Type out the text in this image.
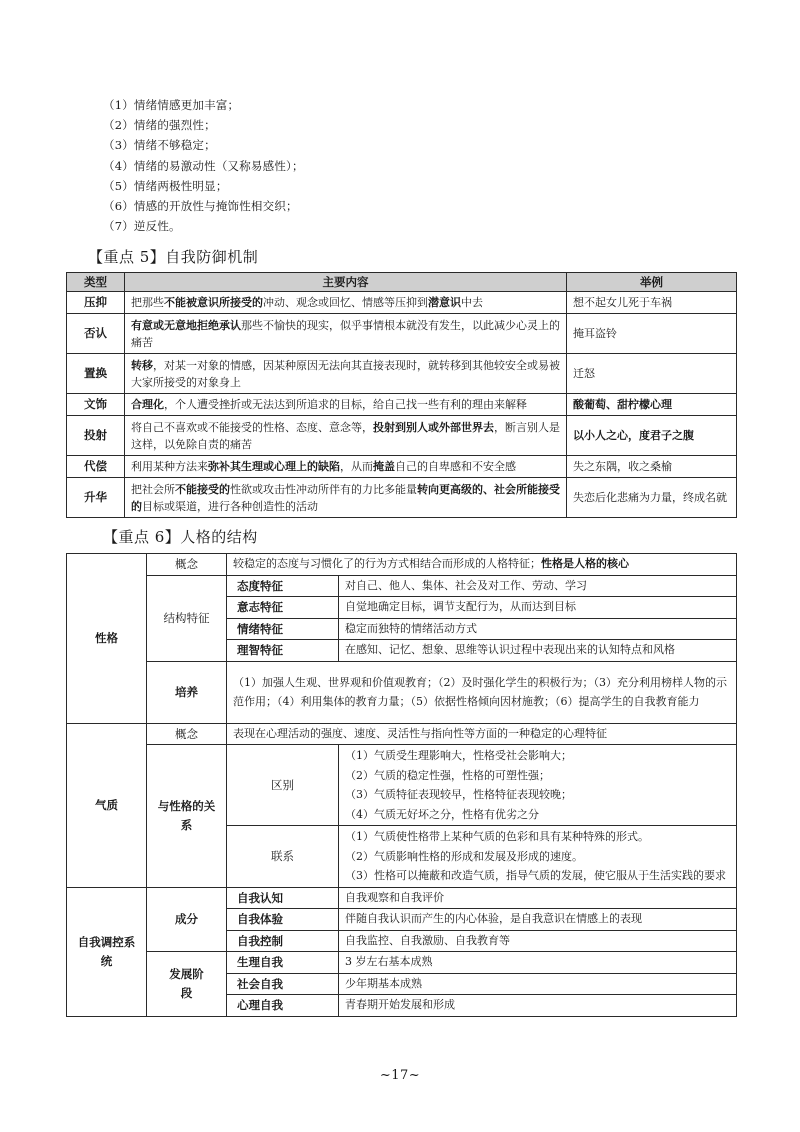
（1）情绪情感更加丰富；
（2）情绪的强烈性；
（3）情绪不够稳定；
（4）情绪的易激动性（又称易感性）；
（5）情绪两极性明显；
（6）情感的开放性与掩饰性相交织；
（7）逆反性。
【重点 5】自我防御机制
类型	主要内容	举例
压抑	把那些不能被意识所接受的冲动、观念或回忆、情感等压抑到潜意识中去	想不起女儿死于车祸
否认	有意或无意地拒绝承认那些不愉快的现实，似乎事情根本就没有发生，以此减少心灵上的痛苦	掩耳盗铃
置换	转移，对某一对象的情感，因某种原因无法向其直接表现时，就转移到其他较安全或易被大家所接受的对象身上	迁怒
文饰	合理化，个人遭受挫折或无法达到所追求的目标，给自己找一些有利的理由来解释	酸葡萄、甜柠檬心理
投射	将自己不喜欢或不能接受的性格、态度、意念等，投射到别人或外部世界去，断言别人是这样，以免除自责的痛苦	以小人之心，度君子之腹
代偿	利用某种方法来弥补其生理或心理上的缺陷，从而掩盖自己的自卑感和不安全感	失之东隅，收之桑榆
升华	把社会所不能接受的性欲或攻击性冲动所伴有的力比多能量转向更高级的、社会所能接受的目标或渠道，进行各种创造性的活动	失恋后化悲痛为力量，终成名就
【重点 6】人格的结构
性格	概念	较稳定的态度与习惯化了的行为方式相结合而形成的人格特征；性格是人格的核心	
	结构特征	态度特征	对自己、他人、集体、社会及对工作、劳动、学习
		意志特征	自觉地确定目标，调节支配行为，从而达到目标
		情绪特征	稳定而独特的情绪活动方式
		理智特征	在感知、记忆、想象、思维等认识过程中表现出来的认知特点和风格
	培养	（1）加强人生观、世界观和价值观教育；（2）及时强化学生的积极行为；（3）充分利用榜样人物的示范作用；（4）利用集体的教育力量；（5）依据性格倾向因材施教；（6）提高学生的自我教育能力	

气质	概念	表现在心理活动的强度、速度、灵活性与指向性等方面的一种稳定的心理特征	
	与性格的关系	区别	（1）气质受生理影响大，性格受社会影响大；
（2）气质的稳定性强，性格的可塑性强；
（3）气质特征表现较早，性格特征表现较晚；
（4）气质无好坏之分，性格有优劣之分

		联系	（1）气质使性格带上某种气质的色彩和具有某种特殊的形式。
（2）气质影响性格的形成和发展及形成的速度。
（3）性格可以掩蔽和改造气质，指导气质的发展，使它服从于生活实践的要求

自我调控系统	成分	自我认知	自我观察和自我评价
		自我体验	伴随自我认识而产生的内心体验，是自我意识在情感上的表现
		自我控制	自我监控、自我激励、自我教育等
	发展阶段	生理自我	3 岁左右基本成熟
		社会自我	少年期基本成熟
		心理自我	青春期开始发展和形成
~17~
